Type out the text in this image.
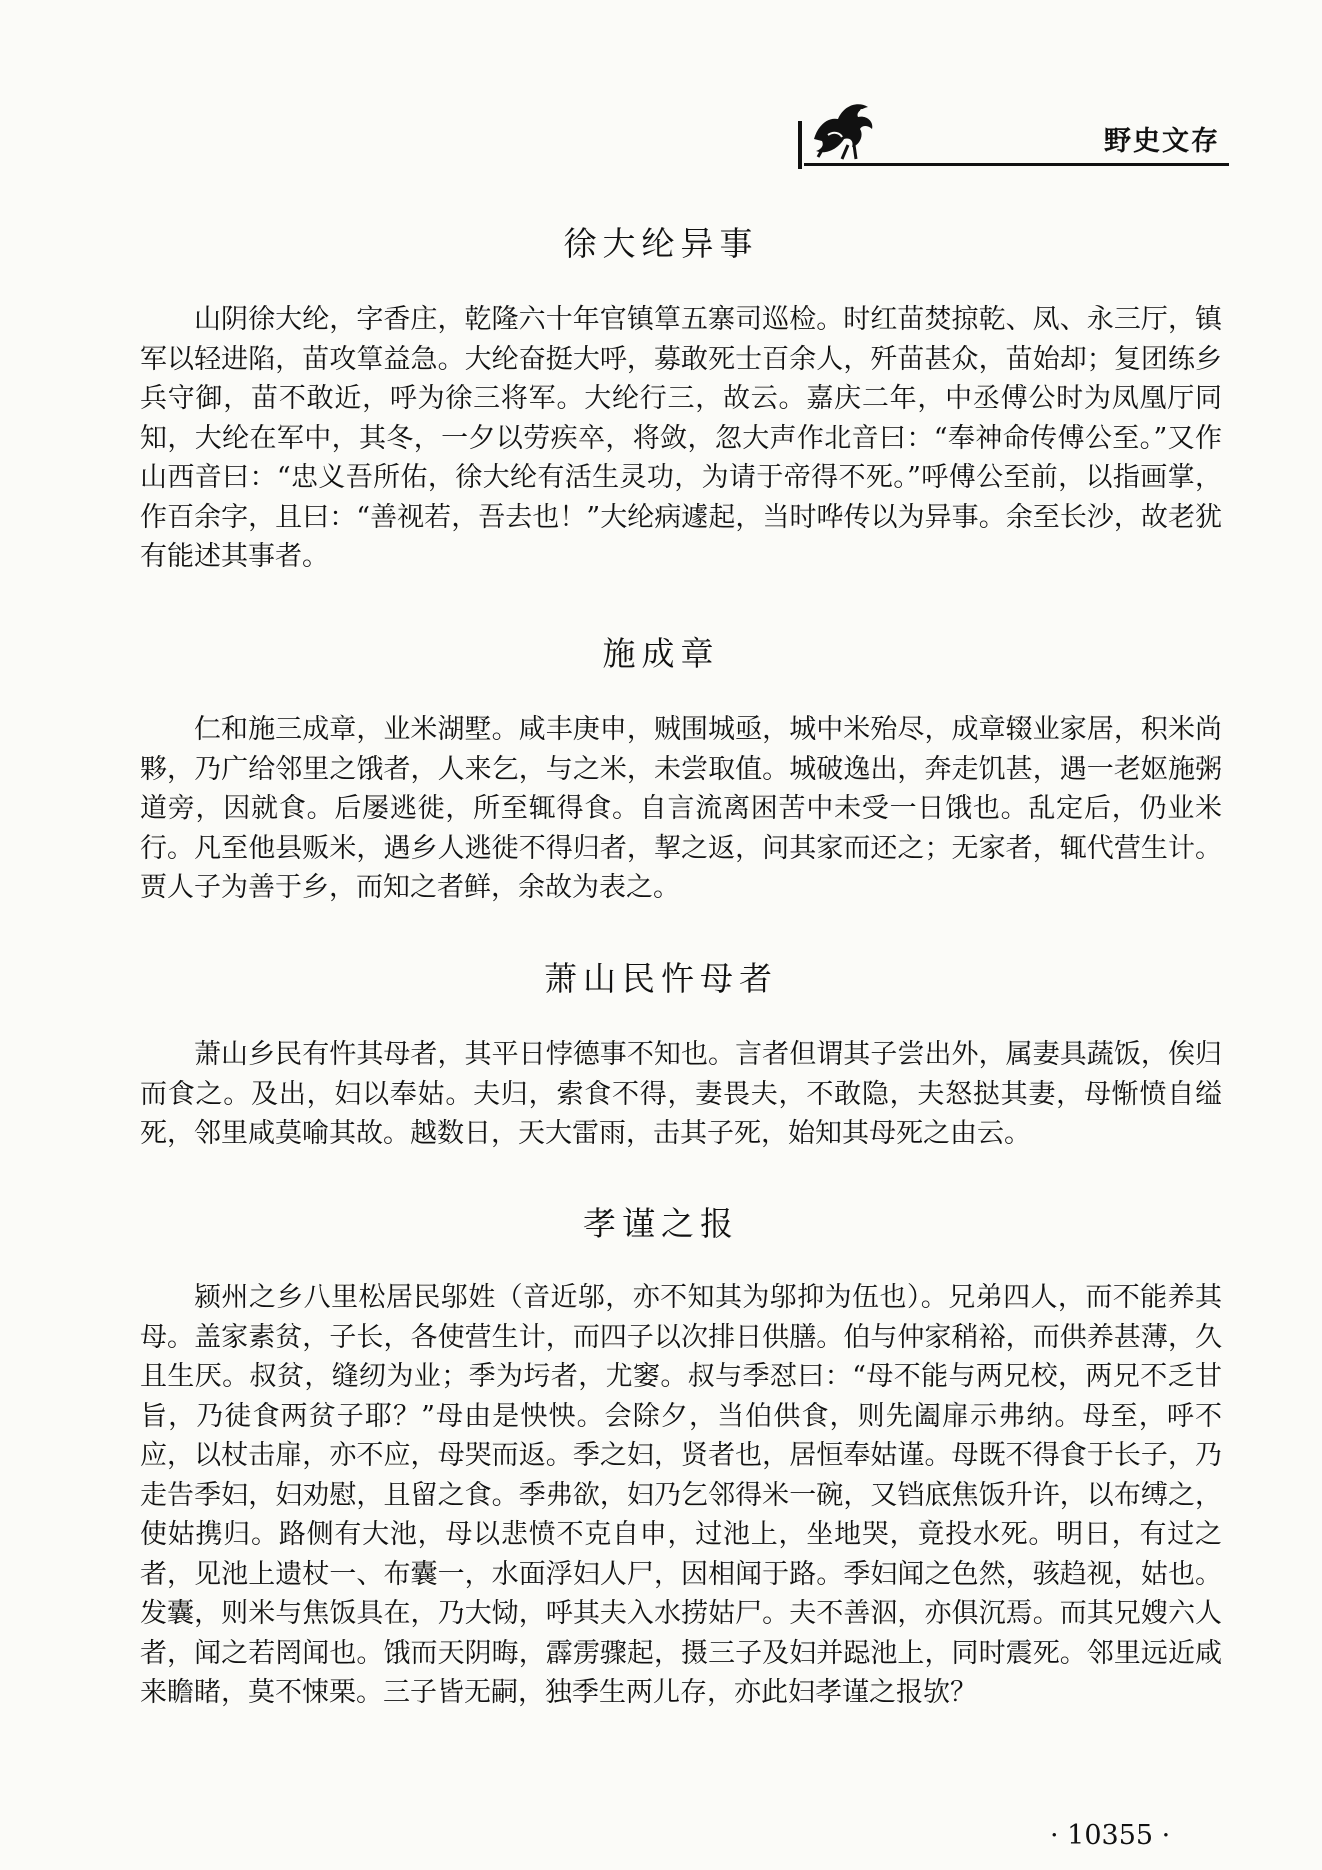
野史文存
徐大纶异事

山阴徐大纶，字香庄，乾隆六十年官镇筸五寨司巡检。时红苗焚掠乾、凤、永三厅，镇军以轻进陷，苗攻筸益急。大纶奋挺大呼，募敢死士百余人，歼苗甚众，苗始却；复团练乡兵守御，苗不敢近，呼为徐三将军。大纶行三，故云。嘉庆二年，中丞傅公时为凤凰厅同知，大纶在军中，其冬，一夕以劳疾卒，将敛，忽大声作北音曰：“奉神命传傅公至。”又作山西音曰：“忠义吾所佑，徐大纶有活生灵功，为请于帝得不死。”呼傅公至前，以指画掌，作百余字，且曰：“善视若，吾去也！”大纶病遽起，当时哗传以为异事。余至长沙，故老犹有能述其事者。

施成章

仁和施三成章，业米湖墅。咸丰庚申，贼围城亟，城中米殆尽，成章辍业家居，积米尚夥，乃广给邻里之饿者，人来乞，与之米，未尝取值。城破逸出，奔走饥甚，遇一老妪施粥道旁，因就食。后屡逃徙，所至辄得食。自言流离困苦中未受一日饿也。乱定后，仍业米行。凡至他县贩米，遇乡人逃徙不得归者，挈之返，问其家而还之；无家者，辄代营生计。贾人子为善于乡，而知之者鲜，余故为表之。

萧山民忤母者

萧山乡民有忤其母者，其平日悖德事不知也。言者但谓其子尝出外，属妻具蔬饭，俟归而食之。及出，妇以奉姑。夫归，索食不得，妻畏夫，不敢隐，夫怒挞其妻，母惭愤自缢死，邻里咸莫喻其故。越数日，天大雷雨，击其子死，始知其母死之由云。

孝谨之报

颍州之乡八里松居民邬姓（音近邬，亦不知其为邬抑为伍也）。兄弟四人，而不能养其母。盖家素贫，子长，各使营生计，而四子以次排日供膳。伯与仲家稍裕，而供养甚薄，久且生厌。叔贫，缝纫为业；季为圬者，尤窭。叔与季怼曰：“母不能与两兄校，两兄不乏甘旨，乃徒食两贫子耶？”母由是怏怏。会除夕，当伯供食，则先阖扉示弗纳。母至，呼不应，以杖击扉，亦不应，母哭而返。季之妇，贤者也，居恒奉姑谨。母既不得食于长子，乃走告季妇，妇劝慰，且留之食。季弗欲，妇乃乞邻得米一碗，又铛底焦饭升许，以布缚之，使姑携归。路侧有大池，母以悲愤不克自申，过池上，坐地哭，竟投水死。明日，有过之者，见池上遗杖一、布囊一，水面浮妇人尸，因相闻于路。季妇闻之色然，骇趋视，姑也。发囊，则米与焦饭具在，乃大恸，呼其夫入水捞姑尸。夫不善泅，亦俱沉焉。而其兄嫂六人者，闻之若罔闻也。饿而天阴晦，霹雳骤起，摄三子及妇并跽池上，同时震死。邻里远近咸来瞻睹，莫不悚栗。三子皆无嗣，独季生两儿存，亦此妇孝谨之报欤？

· 10355 ·
